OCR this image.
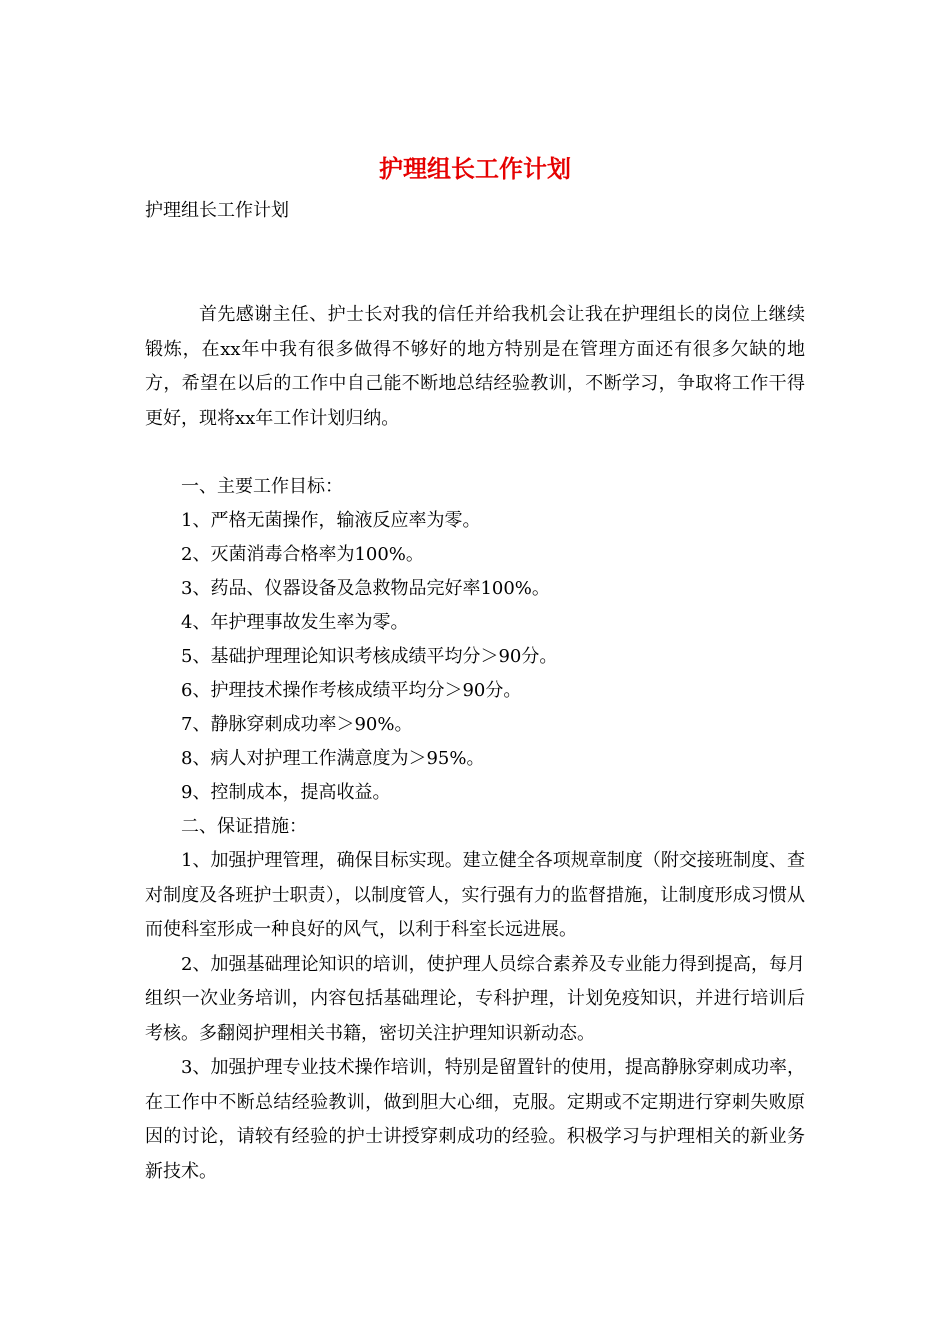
护理组长工作计划

护理组长工作计划

首先感谢主任、护士长对我的信任并给我机会让我在护理组长的岗位上继续锻炼，在xx年中我有很多做得不够好的地方特别是在管理方面还有很多欠缺的地方，希望在以后的工作中自己能不断地总结经验教训，不断学习，争取将工作干得更好，现将xx年工作计划归纳。

一、主要工作目标：

1、严格无菌操作，输液反应率为零。

2、灭菌消毒合格率为100%。

3、药品、仪器设备及急救物品完好率100%。

4、年护理事故发生率为零。

5、基础护理理论知识考核成绩平均分＞90分。

6、护理技术操作考核成绩平均分＞90分。

7、静脉穿刺成功率＞90%。

8、病人对护理工作满意度为＞95%。

9、控制成本，提高收益。

二、保证措施：

1、加强护理管理，确保目标实现。建立健全各项规章制度（附交接班制度、查对制度及各班护士职责），以制度管人，实行强有力的监督措施，让制度形成习惯从而使科室形成一种良好的风气，以利于科室长远进展。

2、加强基础理论知识的培训，使护理人员综合素养及专业能力得到提高，每月组织一次业务培训，内容包括基础理论，专科护理，计划免疫知识，并进行培训后考核。多翻阅护理相关书籍，密切关注护理知识新动态。

3、加强护理专业技术操作培训，特别是留置针的使用，提高静脉穿刺成功率，在工作中不断总结经验教训，做到胆大心细，克服。定期或不定期进行穿刺失败原因的讨论，请较有经验的护士讲授穿刺成功的经验。积极学习与护理相关的新业务新技术。
